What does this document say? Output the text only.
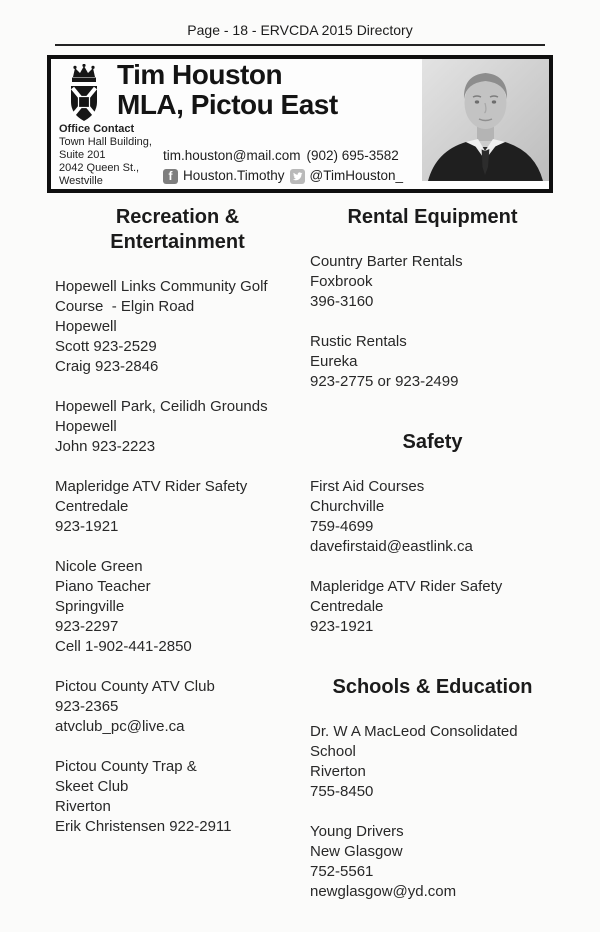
Page - 18 - ERVCDA 2015 Directory
Tim Houston
MLA, Pictou East
Office Contact
Town Hall Building,
Suite 201
2042 Queen St.,
Westville
tim.houston@mail.com (902) 695-3582
f Houston.Timothy @TimHouston_
Recreation & Entertainment
Hopewell Links Community Golf
Course  - Elgin Road
Hopewell
Scott 923-2529
Craig 923-2846
Hopewell Park, Ceilidh Grounds
Hopewell
John 923-2223
Mapleridge ATV Rider Safety
Centredale
923-1921
Nicole Green
Piano Teacher
Springville
923-2297
Cell 1-902-441-2850
Pictou County ATV Club
923-2365
atvclub_pc@live.ca
Pictou County Trap &
Skeet Club
Riverton
Erik Christensen 922-2911
Rental Equipment
Country Barter Rentals
Foxbrook
396-3160
Rustic Rentals
Eureka
923-2775 or 923-2499
Safety
First Aid Courses
Churchville
759-4699
davefirstaid@eastlink.ca
Mapleridge ATV Rider Safety
Centredale
923-1921
Schools & Education
Dr. W A MacLeod Consolidated
School
Riverton
755-8450
Young Drivers
New Glasgow
752-5561
newglasgow@yd.com
